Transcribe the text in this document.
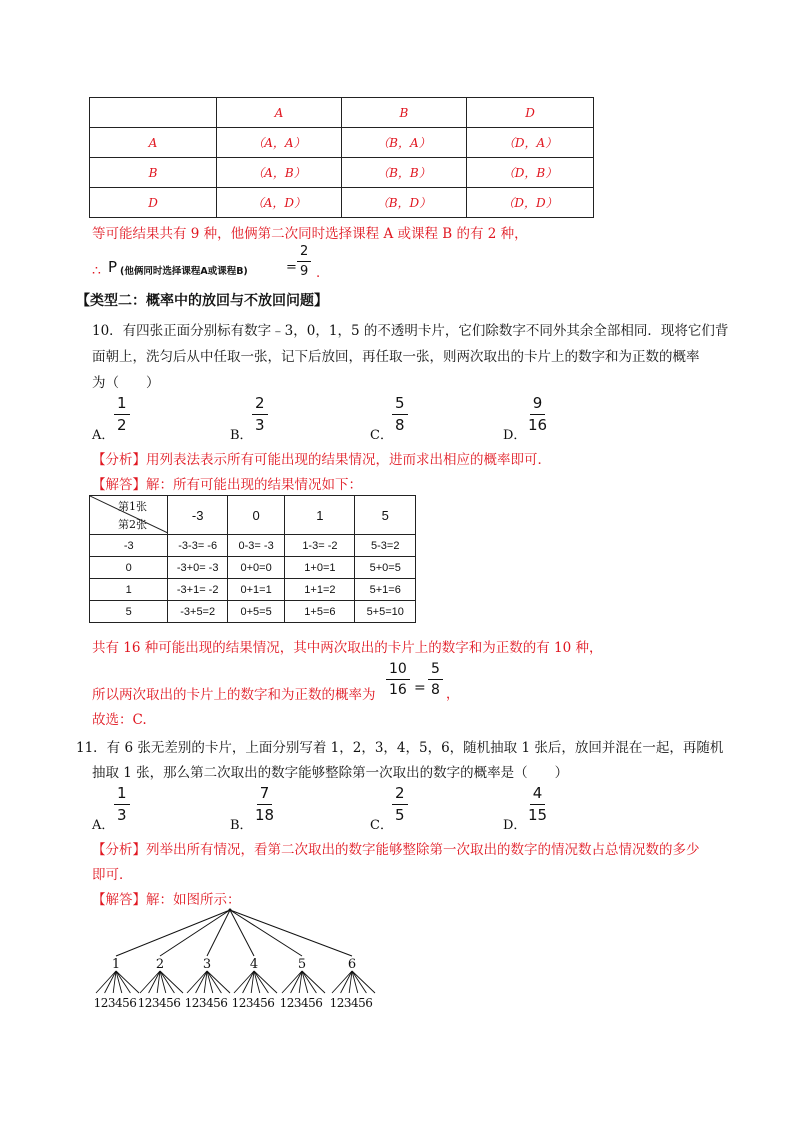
	A	B	D
A	（A，A）	（B，A）	（D，A）
B	（A，B）	（B，B）	（D，B）
D	（A，D）	（B，D）	（D，D）
等可能结果共有 9 种，他俩第二次同时选择课程 A 或课程 B 的有 2 种，
∴ P (他俩同时选择课程A或课程B)	= $\frac{2}{9}$ .
【类型二：概率中的放回与不放回问题】
10．有四张正面分别标有数字﹣3，0，1，5 的不透明卡片，它们除数字不同外其余全部相同．现将它们背
面朝上，洗匀后从中任取一张，记下后放回，再任取一张，则两次取出的卡片上的数字和为正数的概率
为（　　）
A．
$\frac{1}{2}$
B．
$\frac{2}{3}$
C．
$\frac{5}{8}$
D．
$\frac{9}{16}$
【分析】用列表法表示所有可能出现的结果情况，进而求出相应的概率即可．
【解答】解：所有可能出现的结果情况如下：
第1张
第2张	-3	0	1	5
-3	-3-3= -6	0-3= -3	1-3= -2	5-3=2
0	-3+0= -3	0+0=0	1+0=1	5+0=5
1	-3+1= -2	0+1=1	1+1=2	5+1=6
5	-3+5=2	0+5=5	1+5=6	5+5=10
共有 16 种可能出现的结果情况，其中两次取出的卡片上的数字和为正数的有 10 种，
所以两次取出的卡片上的数字和为正数的概率为 $\frac{10}{16} = \frac{5}{8}$ ，
故选：C.
11．有 6 张无差别的卡片，上面分别写着 1，2，3，4，5，6，随机抽取 1 张后，放回并混在一起，再随机
抽取 1 张，那么第二次取出的数字能够整除第一次取出的数字的概率是（　　）
A．
$\frac{1}{3}$
B．
$\frac{7}{18}$
C．
$\frac{2}{5}$
D．
$\frac{4}{15}$
【分析】列举出所有情况，看第二次取出的数字能够整除第一次取出的数字的情况数占总情况数的多少
即可．
【解答】解：如图所示：
1
123456
2
123456
3
123456
4
123456
5
123456
6
123456
